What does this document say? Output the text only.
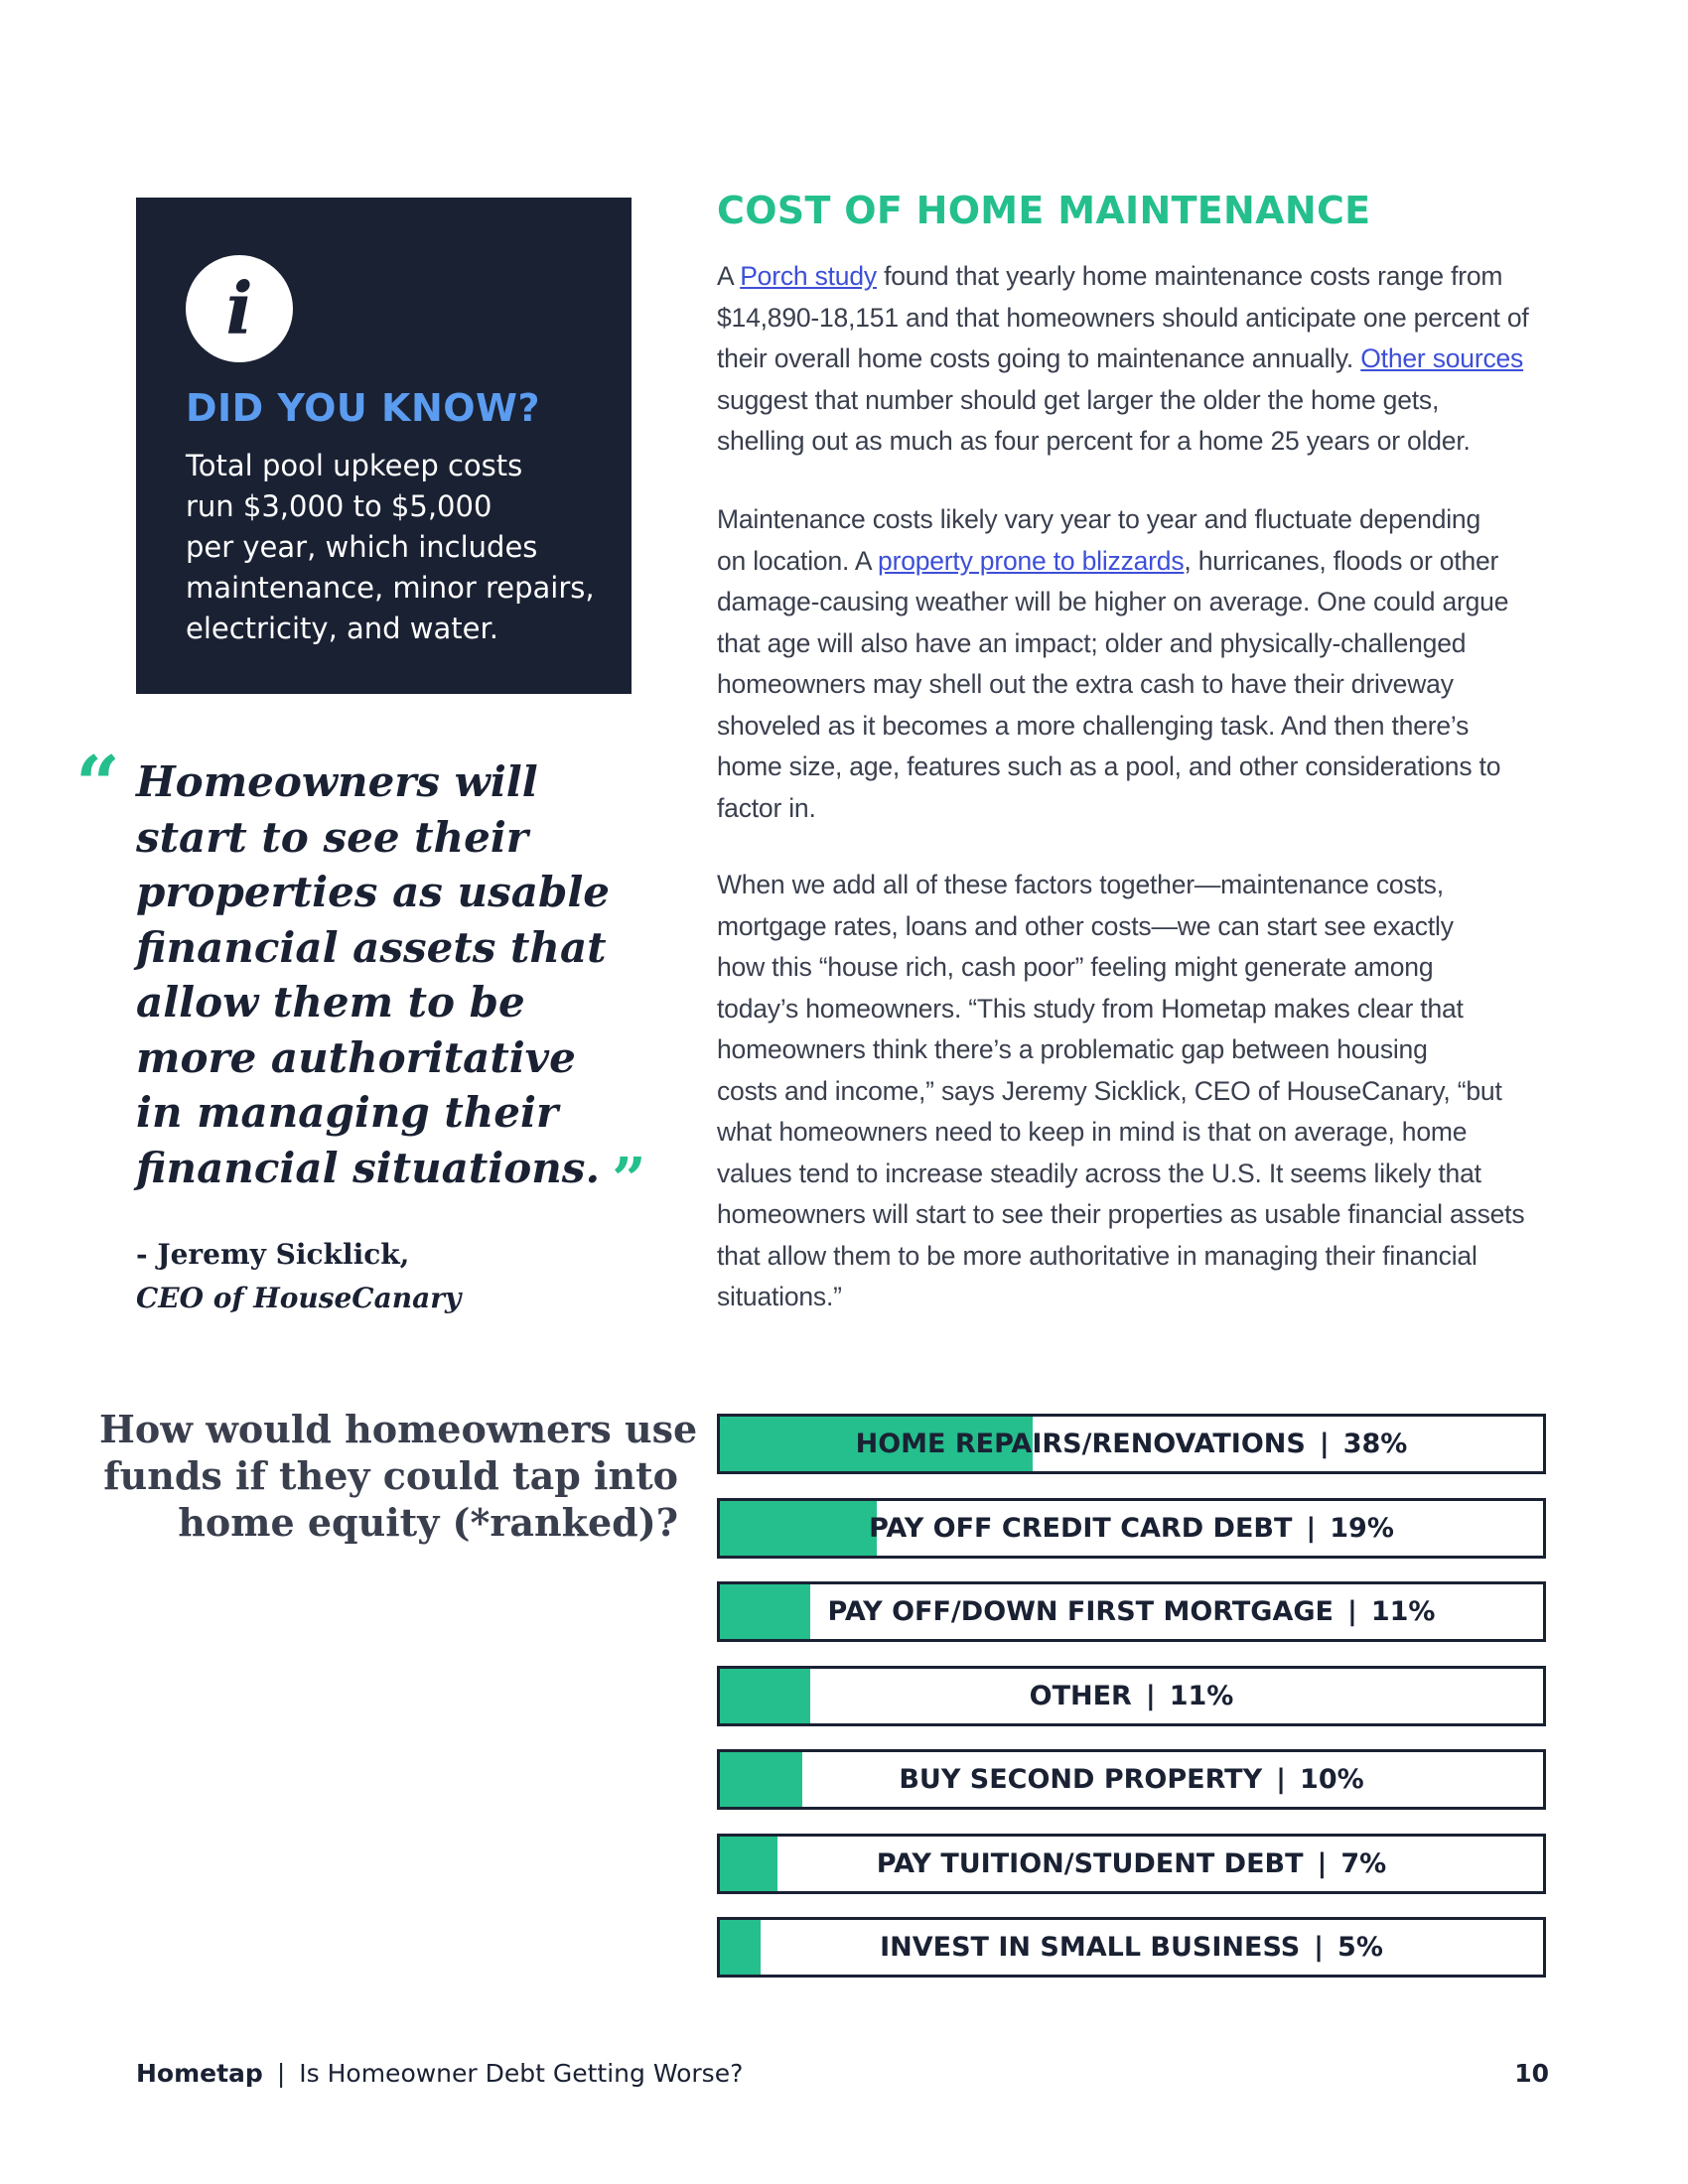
i
DID YOU KNOW?

Total pool upkeep costs
run $3,000 to $5,000
per year, which includes
maintenance, minor repairs,
electricity, and water.

“ Homeowners will
start to see their
properties as usable
financial assets that
allow them to be
more authoritative
in managing their
financial situations. ”
- Jeremy Sicklick,
CEO of HouseCanary
COST OF HOME MAINTENANCE

A Porch study found that yearly home maintenance costs range from
$14,890-18,151 and that homeowners should anticipate one percent of
their overall home costs going to maintenance annually. Other sources
suggest that number should get larger the older the home gets,
shelling out as much as four percent for a home 25 years or older.

Maintenance costs likely vary year to year and fluctuate depending
on location. A property prone to blizzards, hurricanes, floods or other
damage-causing weather will be higher on average. One could argue
that age will also have an impact; older and physically-challenged
homeowners may shell out the extra cash to have their driveway
shoveled as it becomes a more challenging task. And then there’s
home size, age, features such as a pool, and other considerations to
factor in.

When we add all of these factors together—maintenance costs,
mortgage rates, loans and other costs—we can start see exactly
how this “house rich, cash poor” feeling might generate among
today’s homeowners. “This study from Hometap makes clear that
homeowners think there’s a problematic gap between housing
costs and income,” says Jeremy Sicklick, CEO of HouseCanary, “but
what homeowners need to keep in mind is that on average, home
values tend to increase steadily across the U.S. It seems likely that
homeowners will start to see their properties as usable financial assets
that allow them to be more authoritative in managing their financial
situations.”

How would homeowners use
funds if they could tap into
home equity (*ranked)?
HOME REPAIRS/RENOVATIONS | 38%
PAY OFF CREDIT CARD DEBT | 19%
PAY OFF/DOWN FIRST MORTGAGE | 11%
OTHER | 11%
BUY SECOND PROPERTY | 10%
PAY TUITION/STUDENT DEBT | 7%
INVEST IN SMALL BUSINESS | 5%
Hometap | Is Homeowner Debt Getting Worse?	10
